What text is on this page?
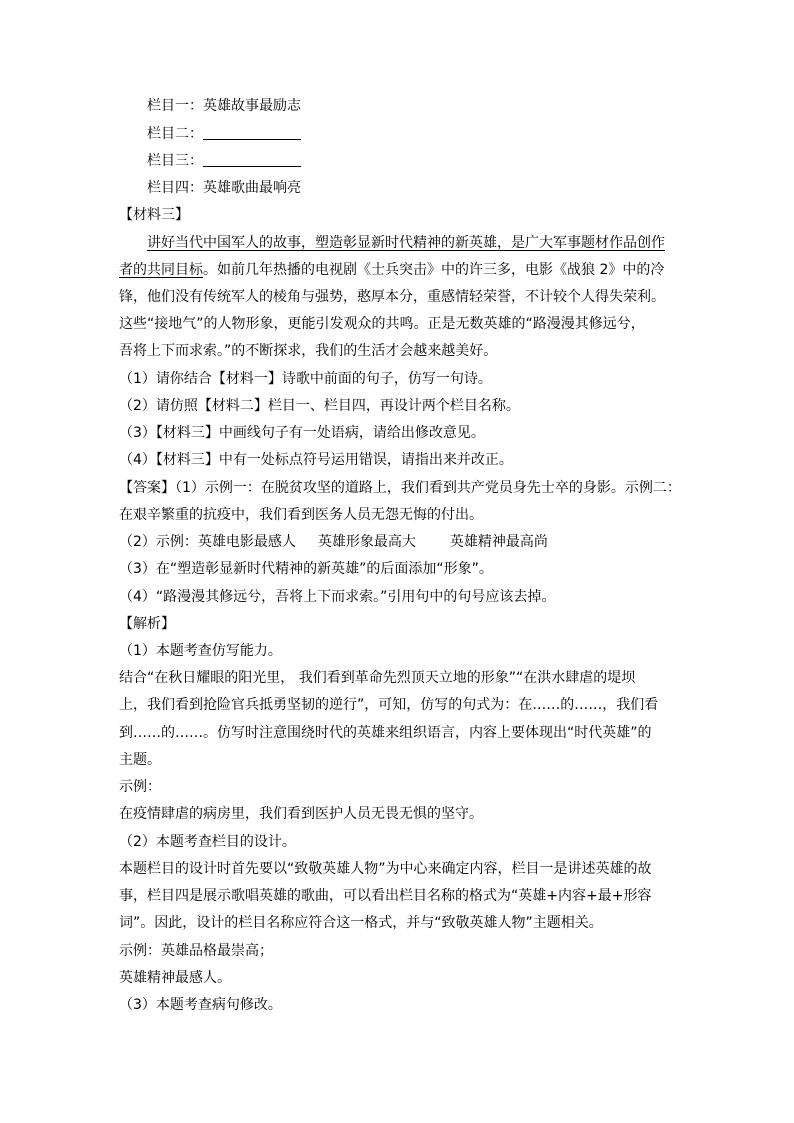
栏目一：英雄故事最励志
栏目二：
栏目三：
栏目四：英雄歌曲最响亮
【材料三】
讲好当代中国军人的故事，塑造彰显新时代精神的新英雄，是广大军事题材作品创作
者的共同目标。如前几年热播的电视剧《士兵突击》中的许三多，电影《战狼 2》中的冷
锋，他们没有传统军人的棱角与强势，憨厚本分，重感情轻荣誉，不计较个人得失荣利。
这些“接地气”的人物形象，更能引发观众的共鸣。正是无数英雄的“路漫漫其修远兮，
吾将上下而求索。”的不断探求，我们的生活才会越来越美好。
（1）请你结合【材料一】诗歌中前面的句子，仿写一句诗。
（2）请仿照【材料二】栏目一、栏目四，再设计两个栏目名称。
（3）【材料三】中画线句子有一处语病，请给出修改意见。
（4）【材料三】中有一处标点符号运用错误，请指出来并改正。
【答案】（1）示例一：在脱贫攻坚的道路上，我们看到共产党员身先士卒的身影。示例二：
在艰辛繁重的抗疫中，我们看到医务人员无怨无悔的付出。
（2）示例：英雄电影最感人 英雄形象最高大 英雄精神最高尚
（3）在“塑造彰显新时代精神的新英雄”的后面添加“形象”。
（4）“路漫漫其修远兮，吾将上下而求索。”引用句中的句号应该去掉。
【解析】
（1）本题考查仿写能力。
结合“在秋日耀眼的阳光里， 我们看到革命先烈顶天立地的形象”“在洪水肆虐的堤坝
上，我们看到抢险官兵抵勇坚韧的逆行”，可知，仿写的句式为：在……的……，我们看
到……的……。仿写时注意围绕时代的英雄来组织语言，内容上要体现出“时代英雄”的
主题。
示例：
在疫情肆虐的病房里，我们看到医护人员无畏无惧的坚守。
（2）本题考查栏目的设计。
本题栏目的设计时首先要以“致敬英雄人物”为中心来确定内容，栏目一是讲述英雄的故
事，栏目四是展示歌唱英雄的歌曲，可以看出栏目名称的格式为“英雄+内容+最+形容
词”。因此，设计的栏目名称应符合这一格式，并与“致敬英雄人物”主题相关。
示例：英雄品格最崇高；
英雄精神最感人。
（3）本题考查病句修改。
